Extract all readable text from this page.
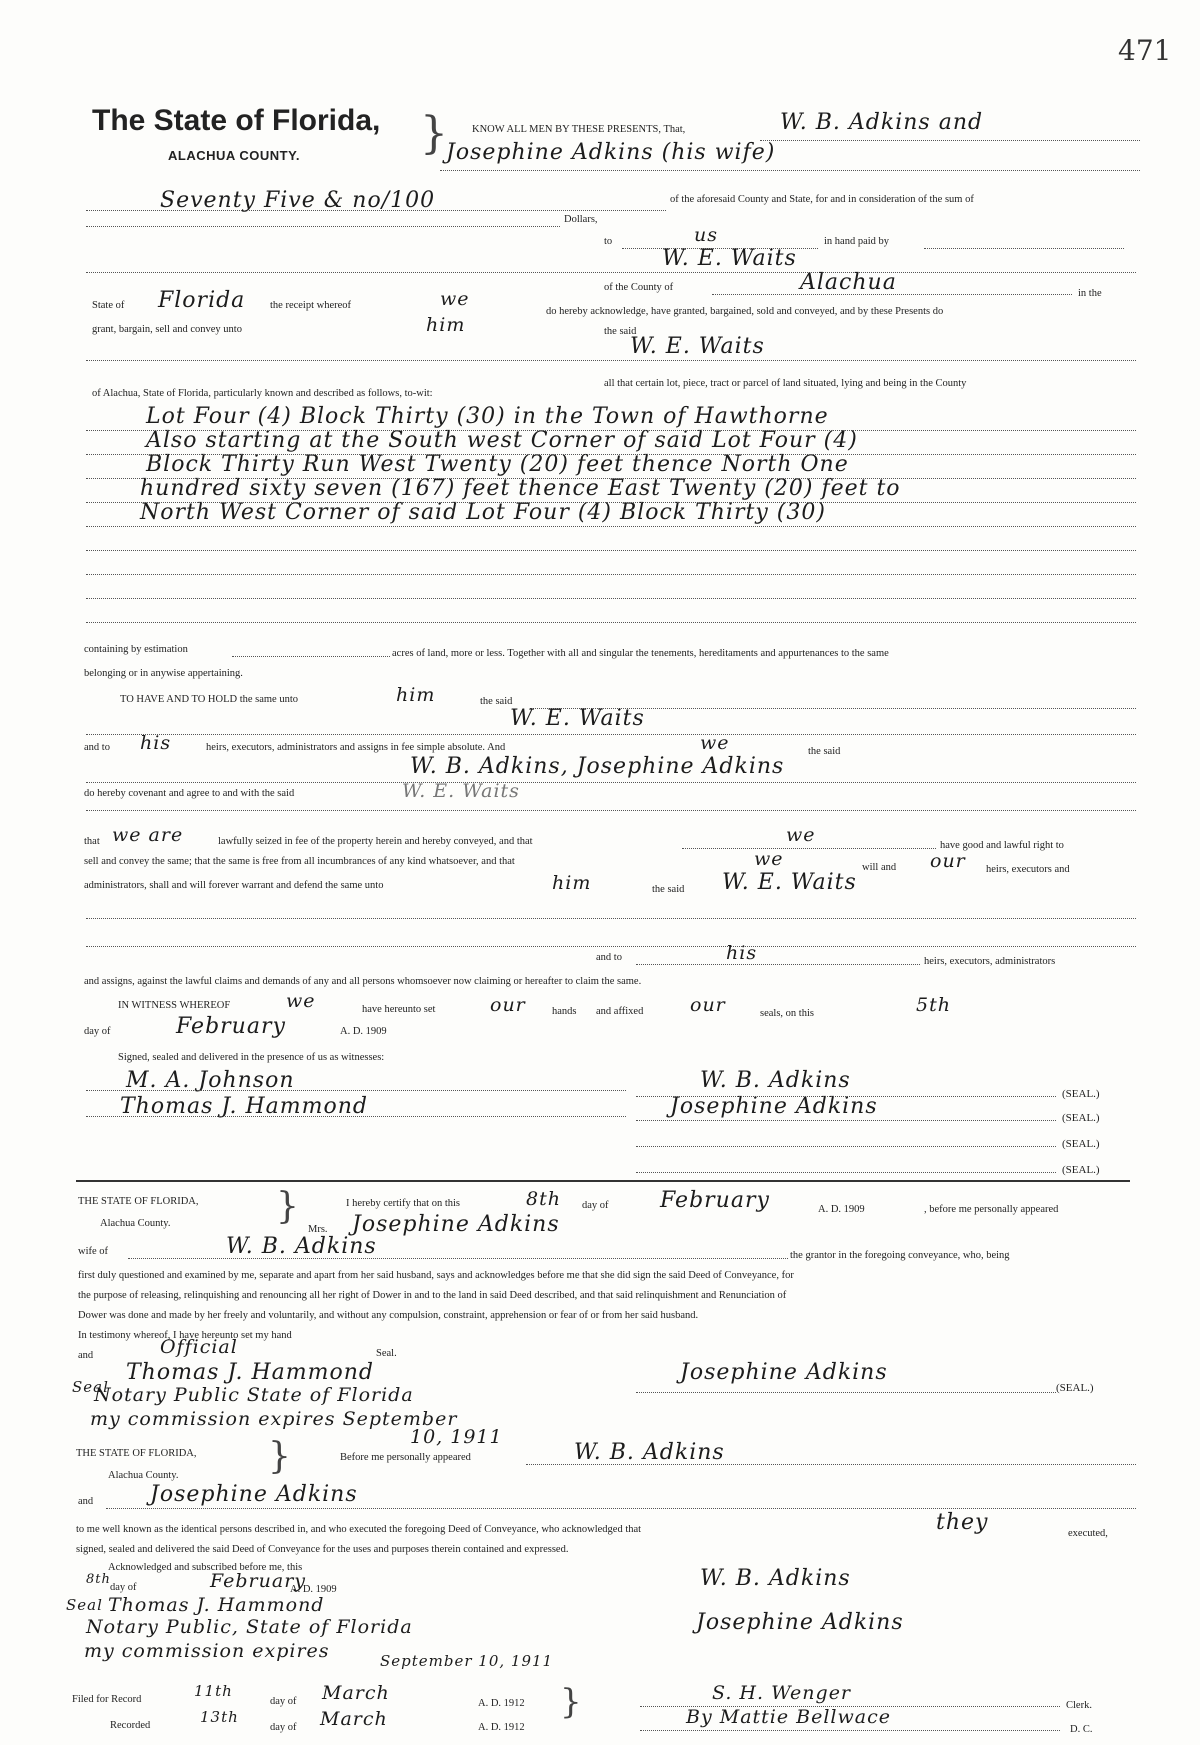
471
The State of Florida,
ALACHUA COUNTY.	} KNOW ALL MEN BY THESE PRESENTS, That,	W. B. Adkins and
Josephine Adkins (his wife)
Seventy Five & no/100	of the aforesaid County and State, for and in consideration of the sum of
Dollars,
to	us	in hand paid by
W. E. Waits
of the County of	Alachua	in the
State of Florida the receipt whereof	we
do hereby acknowledge, have granted, bargained, sold and conveyed, and by these Presents do
grant, bargain, sell and convey unto	him	the said
W. E. Waits
all that certain lot, piece, tract or parcel of land situated, lying and being in the County
of Alachua, State of Florida, particularly known and described as follows, to-wit:
Lot Four (4) Block Thirty (30) in the Town of Hawthorne
Also starting at the South west Corner of said Lot Four (4)
Block Thirty Run West Twenty (20) feet thence North One
hundred sixty seven (167) feet thence East Twenty (20) feet to
North West Corner of said Lot Four (4) Block Thirty (30)
containing by estimation	acres of land, more or less. Together with all and singular the tenements, hereditaments and appurtenances to the same
belonging or in anywise appertaining.
TO HAVE AND TO HOLD the same unto	him	the said
W. E. Waits
and to his	heirs, executors, administrators and assigns in fee simple absolute. And	we	the said
W. B. Adkins, Josephine Adkins
do hereby covenant and agree to and with the said	W. E. Waits
that we are	lawfully seized in fee of the property herein and hereby conveyed, and that	we	have good and lawful right to
sell and convey the same; that the same is free from all incumbrances of any kind whatsoever, and that	we	will and our heirs, executors and
administrators, shall and will forever warrant and defend the same unto	him	the said W. E. Waits
and to	his	heirs, executors, administrators
and assigns, against the lawful claims and demands of any and all persons whomsoever now claiming or hereafter to claim the same.
IN WITNESS WHEREOF	we	have hereunto set	our hands and affixed our	seals, on this	5th
day of	February	A. D. 1909
Signed, sealed and delivered in the presence of us as witnesses:
M. A. Johnson
Thomas J. Hammond
W. B. Adkins
Josephine Adkins	(SEAL.)
(SEAL.)
(SEAL.)
(SEAL.)
THE STATE OF FLORIDA,
Alachua County.	}	I hereby certify that on this	8th day of February	A. D. 1909	, before me personally appeared
Mrs. Josephine Adkins
wife of	W. B. Adkins	the grantor in the foregoing conveyance, who, being
first duly questioned and examined by me, separate and apart from her said husband, says and acknowledges before me that she did sign the said Deed of Conveyance, for
the purpose of releasing, relinquishing and renouncing all her right of Dower in and to the land in said Deed described, and that said relinquishment and Renunciation of
Dower was done and made by her freely and voluntarily, and without any compulsion, constraint, apprehension or fear of or from her said husband.
In testimony whereof, I have hereunto set my hand
and	Official	Seal.
Thomas J. Hammond
Notary Public State of Florida
my commission expires September
10, 1911
Seal
Josephine Adkins
(SEAL.)
THE STATE OF FLORIDA,
Alachua County. }	Before me personally appeared	W. B. Adkins
and	Josephine Adkins
to me well known as the identical persons described in, and who executed the foregoing Deed of Conveyance, who acknowledged that	they	executed,
signed, sealed and delivered the said Deed of Conveyance for the uses and purposes therein contained and expressed.
Acknowledged and subscribed before me, this
8th
day of	February
A. D. 1909
Thomas J. Hammond
Notary Public, State of Florida
my commission expires	September 10, 1911
Seal
W. B. Adkins
Josephine Adkins
Filed for Record	11th
day of March	A. D. 1912
Recorded	13th
day of March	A. D. 1912
}	S. H. Wenger
Clerk.
By Mattie Bellwace
D. C.
